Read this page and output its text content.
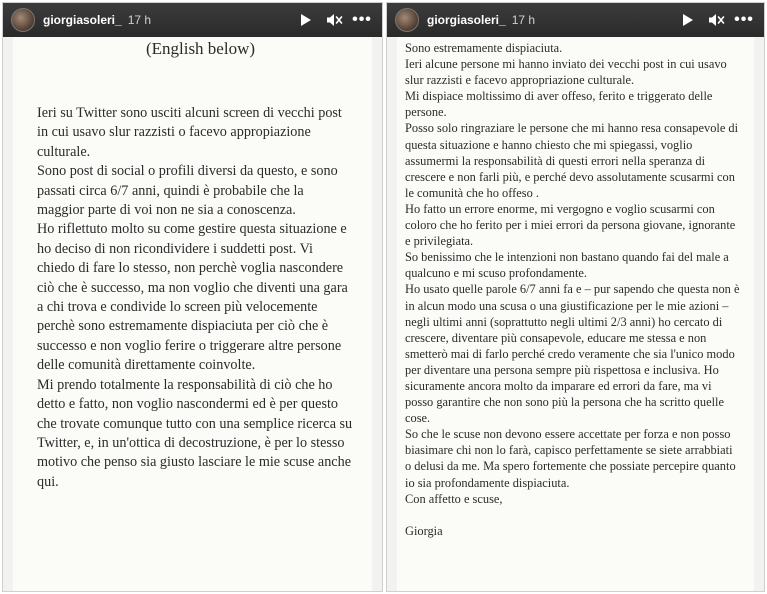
giorgiasoleri_ 17 h	•••
(English below)

Ieri su Twitter sono usciti alcuni screen di vecchi post in cui usavo slur razzisti o facevo appropiazione culturale.

Sono post di social o profili diversi da questo, e sono passati circa 6/7 anni, quindi è probabile che la maggior parte di voi non ne sia a conoscenza.

Ho riflettuto molto su come gestire questa situazione e ho deciso di non ricondividere i suddetti post. Vi chiedo di fare lo stesso, non perchè voglia nascondere ciò che è successo, ma non voglio che diventi una gara a chi trova e condivide lo screen più velocemente perchè sono estremamente dispiaciuta per ciò che è successo e non voglio ferire o triggerare altre persone delle comunità direttamente coinvolte.

Mi prendo totalmente la responsabilità di ciò che ho detto e fatto, non voglio nascondermi ed è per questo che trovate comunque tutto con una semplice ricerca su Twitter, e, in un'ottica di decostruzione, è per lo stesso motivo che penso sia giusto lasciare le mie scuse anche qui.

giorgiasoleri_ 17 h	•••

Sono estremamente dispiaciuta.

Ieri alcune persone mi hanno inviato dei vecchi post in cui usavo slur razzisti e facevo appropriazione culturale.

Mi dispiace moltissimo di aver offeso, ferito e triggerato delle persone.

Posso solo ringraziare le persone che mi hanno resa consapevole di questa situazione e hanno chiesto che mi spiegassi, voglio assumermi la responsabilità di questi errori nella speranza di crescere e non farli più, e perché devo assolutamente scusarmi con le comunità che ho offeso .

Ho fatto un errore enorme, mi vergogno e voglio scusarmi con coloro che ho ferito per i miei errori da persona giovane, ignorante e privilegiata.

So benissimo che le intenzioni non bastano quando fai del male a qualcuno e mi scuso profondamente.

Ho usato quelle parole 6/7 anni fa e – pur sapendo che questa non è in alcun modo una scusa o una giustificazione per le mie azioni – negli ultimi anni (soprattutto negli ultimi 2/3 anni) ho cercato di crescere, diventare più consapevole, educare me stessa e non smetterò mai di farlo perché credo veramente che sia l'unico modo per diventare una persona sempre più rispettosa e inclusiva. Ho sicuramente ancora molto da imparare ed errori da fare, ma vi posso garantire che non sono più la persona che ha scritto quelle cose.

So che le scuse non devono essere accettate per forza e non posso biasimare chi non lo farà, capisco perfettamente se siete arrabbiati o delusi da me. Ma spero fortemente che possiate percepire quanto io sia profondamente dispiaciuta.

Con affetto e scuse,

Giorgia
